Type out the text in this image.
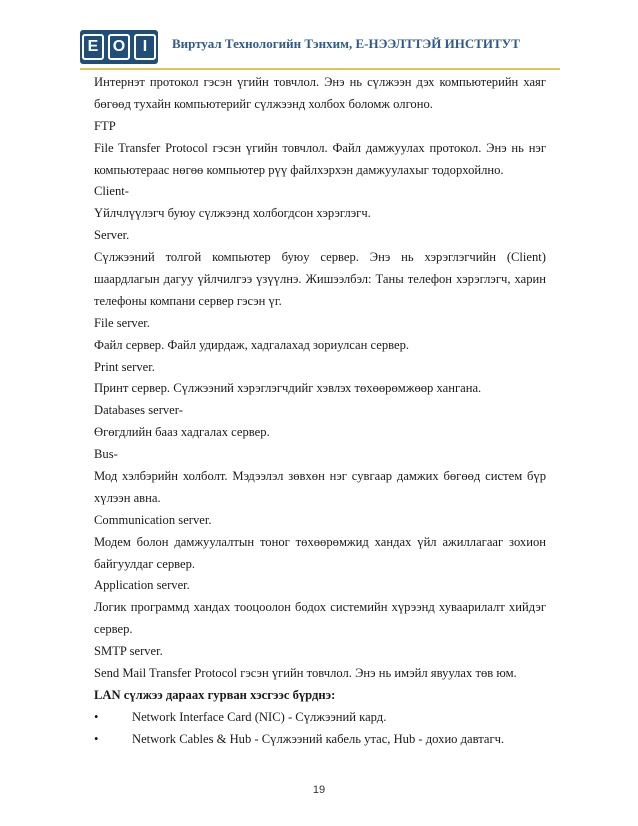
E O	I	Виртуал Технологийн Тэнхим, Е-НЭЭЛТТЭЙ ИНСТИТУТ
Интернэт протокол гэсэн үгийн товчлол. Энэ нь сүлжээн дэх компьютерийн хаяг
бөгөөд тухайн компьютерийг сүлжээнд холбох боломж олгоно.
FTP
File Transfer Protocol гэсэн үгийн товчлол. Файл дамжуулах протокол. Энэ нь нэг
компьютераас нөгөө компьютер рүү файлхэрхэн дамжуулахыг тодорхойлно.
Client-
Үйлчлүүлэгч буюу сүлжээнд холбогдсон хэрэглэгч.
Server.
Сүлжээний толгой компьютер буюу сервер. Энэ нь хэрэглэгчийн (Client)
шаардлагын дагуу үйлчилгээ үзүүлнэ. Жишээлбэл: Таны телефон хэрэглэгч, харин
телефоны компани сервер гэсэн үг.
File server.
Файл сервер. Файл удирдаж, хадгалахад зориулсан сервер.
Print server.
Принт сервер. Сүлжээний хэрэглэгчдийг хэвлэх төхөөрөмжөөр хангана.
Databases server-
Өгөгдлийн бааз хадгалах сервер.
Bus-
Мод хэлбэрийн холболт. Мэдээлэл зөвхөн нэг сувгаар дамжих бөгөөд систем бүр
хүлээн авна.
Communication server.
Модем болон дамжуулалтын тоног төхөөрөмжид хандах үйл ажиллагааг зохион
байгуулдаг сервер.
Application server.
Логик программд хандах тооцоолон бодох системийн хүрээнд хуваарилалт хийдэг
сервер.
SMTP server.
Send Mail Transfer Protocol гэсэн үгийн товчлол. Энэ нь имэйл явуулах төв юм.
LAN сүлжээ дараах гурван хэсгээс бүрднэ:
•	Network Interface Card (NIC) - Сүлжээний кард.
•	Network Cables & Hub - Сүлжээний кабель утас, Hub - дохио давтагч.
19
